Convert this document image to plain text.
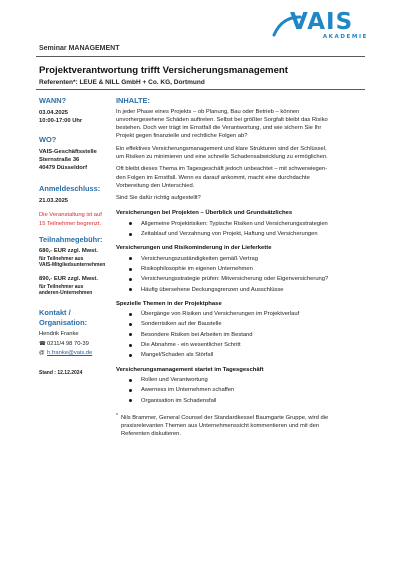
VAIS
AKADEMIE
Seminar MANAGEMENT
Projektverantwortung trifft Versicherungsmanagement
Referenten*: LEUE & NILL GmbH + Co. KG, Dortmund
WANN?
03.04.2025
10:00-17:00 Uhr
WO?
VAIS-Geschäftsstelle
Sternstraße 36
40479 Düsseldorf
Anmeldeschluss:
21.03.2025
Die Veranstaltung ist auf
15 Teilnehmer begrenzt.
Teilnahmegebühr:
680,- EUR zzgl. Mwst.
für Teilnehmer aus
VAIS-Mitgliedsunternehmen
890,- EUR zzgl. Mwst.
für Teilnehmer aus
anderen-Unternehmen
Kontakt /
Organisation:
Hendrik Franke
☎ 0211/4 98 70-39
@ h.franke@vais.de
Stand : 12.12.2024
INHALTE:
In jeder Phase eines Projekts – ob Planung, Bau oder Betrieb – können
unvorhergesehene Schäden auftreten. Selbst bei größter Sorgfalt bleibt das Risiko
bestehen. Doch wer trägt im Ernstfall die Verantwortung, und wie sichern Sie Ihr
Projekt gegen finanzielle und rechtliche Folgen ab?
Ein effektives Versicherungsmanagement und klare Strukturen sind der Schlüssel,
um Risiken zu minimieren und eine schnelle Schadensabwicklung zu ermöglichen.
Oft bleibt dieses Thema im Tagesgeschäft jedoch unbeachtet – mit schwerwiegen-
den Folgen im Ernstfall. Wenn es darauf ankommt, macht eine durchdachte
Vorbereitung den Unterschied.
Sind Sie dafür richtig aufgestellt?
Versicherungen bei Projekten – Überblick und Grundsätzliches
Allgemeine Projektrisiken: Typische Risiken und Versicherungsstrategien
Zeitablauf und Verzahnung von Projekt, Haftung und Versicherungen
Versicherungen und Risikominderung in der Lieferkette
Versicherungszuständigkeiten gemäß Vertrag
Risikophilosophie im eigenen Unternehmen
Versicherungsstrategie prüfen: Mitversicherung oder Eigenversicherung?
Häufig übersehene Deckungsgrenzen und Ausschlüsse
Spezielle Themen in der Projektphase
Übergänge von Risiken und Versicherungen im Projektverlauf
Sonderrisiken auf der Baustelle
Besondere Risiken bei Arbeiten im Bestand
Die Abnahme - ein wesentlicher Schritt
Mangel/Schaden als Störfall
Versicherungsmanagement startet im Tagesgeschäft
Rollen und Verantwortung
Awerness im Unternehmen schaffen
Organisation im Schadensfall
* Nils Brammer, General Counsel der Standardkessel Baumgarte Gruppe, wird die
praxisrelevanten Themen aus Unternehmenssicht kommentieren und mit den
Referenten diskutieren.
